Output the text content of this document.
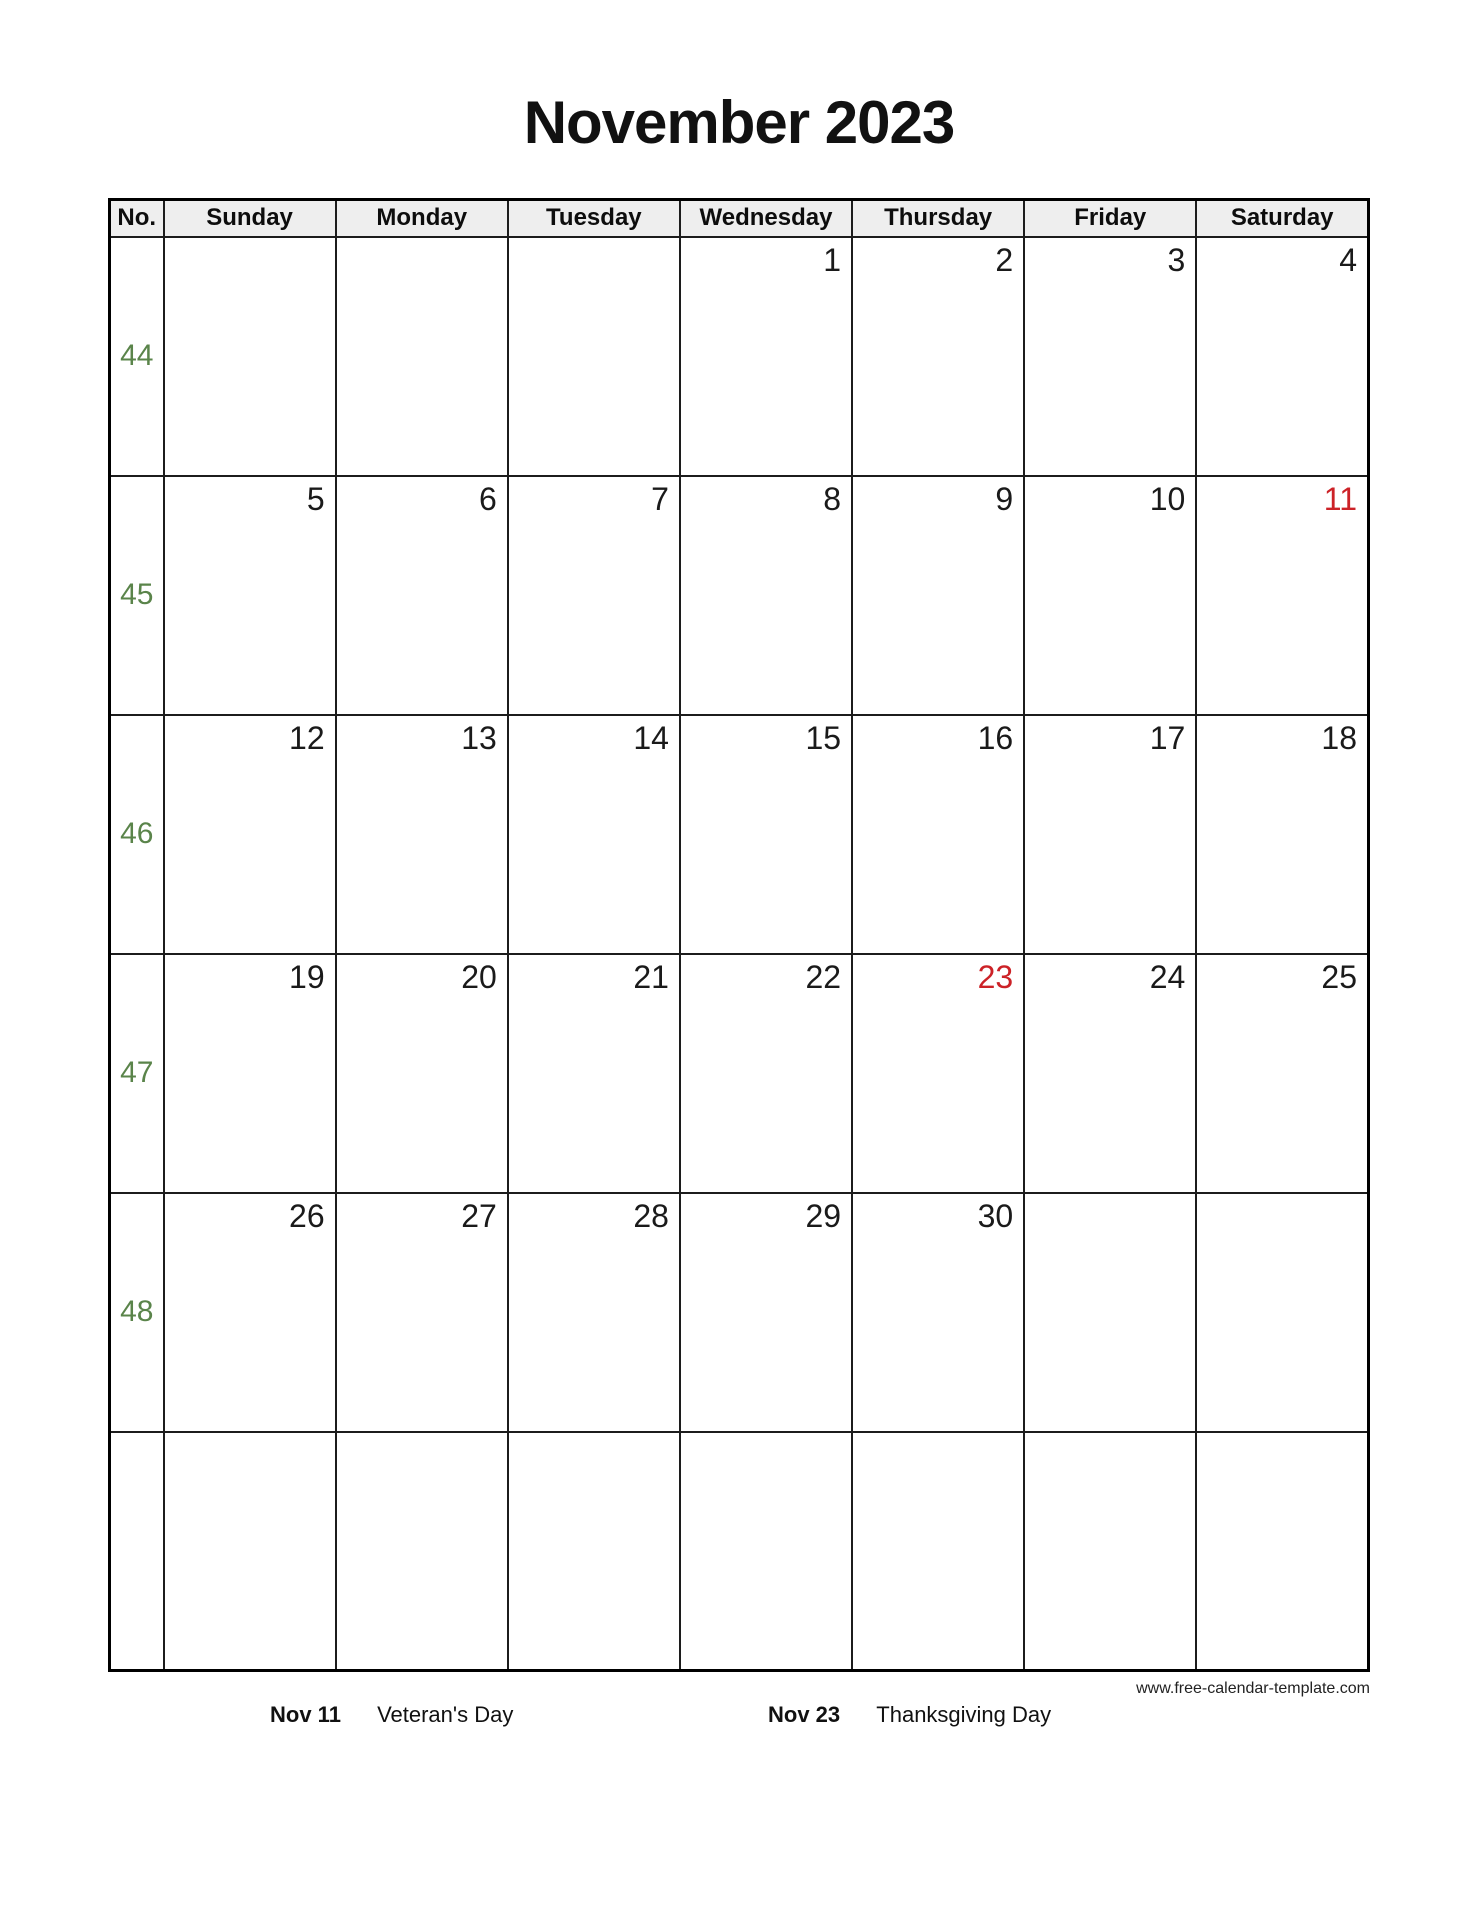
November 2023
No.	Sunday	Monday	Tuesday	Wednesday	Thursday	Friday	Saturday
44				1	2	3	4
45	5	6	7	8	9	10	11
46	12	13	14	15	16	17	18
47	19	20	21	22	23	24	25
48	26	27	28	29	30		

www.free-calendar-template.com
Nov 11 Veteran's Day	Nov 23 Thanksgiving Day
